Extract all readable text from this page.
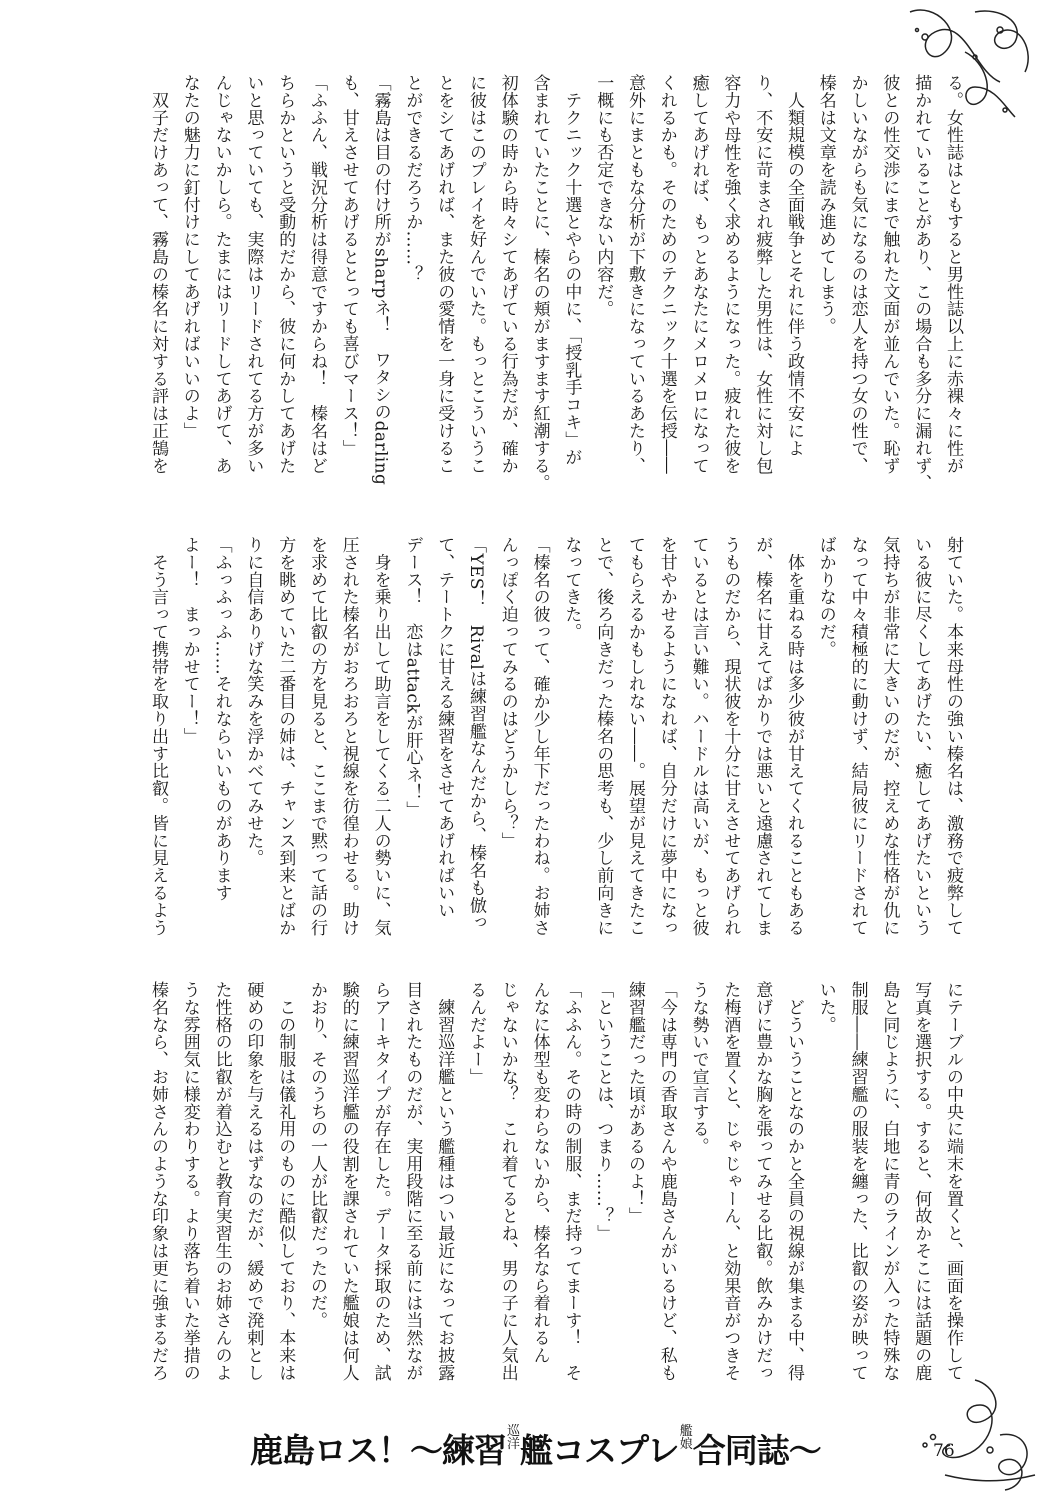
る。女性誌はともすると男性誌以上に赤裸々に性が
描かれていることがあり、この場合も多分に漏れず、
彼との性交渉にまで触れた文面が並んでいた。恥ず
かしいながらも気になるのは恋人を持つ女の性で、
榛名は文章を読み進めてしまう。
　人類規模の全面戦争とそれに伴う政情不安によ
り、不安に苛まされ疲弊した男性は、女性に対し包
容力や母性を強く求めるようになった。疲れた彼を
癒してあげれば、もっとあなたにメロメロになって
くれるかも。そのためのテクニック十選を伝授――
意外にまともな分析が下敷きになっているあたり、
一概にも否定できない内容だ。
　テクニック十選とやらの中に、「授乳手コキ」が
含まれていたことに、榛名の頬がますます紅潮する。
初体験の時から時々シてあげている行為だが、確か
に彼はこのプレイを好んでいた。もっとこういうこ
とをシてあげれば、また彼の愛情を一身に受けるこ
とができるだろうか……？
「霧島は目の付け所がsharpネ！　ワタシのdarling
も、甘えさせてあげるととっても喜びマース！」
「ふふん、戦況分析は得意ですからね！　榛名はど
ちらかというと受動的だから、彼に何かしてあげた
いと思っていても、実際はリードされてる方が多い
んじゃないかしら。たまにはリードしてあげて、あ
なたの魅力に釘付けにしてあげればいいのよ」
　双子だけあって、霧島の榛名に対する評は正鵠を
射ていた。本来母性の強い榛名は、激務で疲弊して
いる彼に尽くしてあげたい、癒してあげたいという
気持ちが非常に大きいのだが、控えめな性格が仇に
なって中々積極的に動けず、結局彼にリードされて
ばかりなのだ。
　体を重ねる時は多少彼が甘えてくれることもある
が、榛名に甘えてばかりでは悪いと遠慮されてしま
うものだから、現状彼を十分に甘えさせてあげられ
ているとは言い難い。ハードルは高いが、もっと彼
を甘やかせるようになれば、自分だけに夢中になっ
てもらえるかもしれない――。展望が見えてきたこ
とで、後ろ向きだった榛名の思考も、少し前向きに
なってきた。
「榛名の彼って、確か少し年下だったわね。お姉さ
んっぽく迫ってみるのはどうかしら？」
「YES！　Rivalは練習艦なんだから、榛名も倣っ
て、テートクに甘える練習をさせてあげればいい
デース！　恋はattackが肝心ネ！」
　身を乗り出して助言をしてくる二人の勢いに、気
圧された榛名がおろおろと視線を彷徨わせる。助け
を求めて比叡の方を見ると、ここまで黙って話の行
方を眺めていた二番目の姉は、チャンス到来とばか
りに自信ありげな笑みを浮かべてみせた。
「ふっふっふ……それならいいものがあります
よー！　まっかせてー！」
　そう言って携帯を取り出す比叡。皆に見えるよう
にテーブルの中央に端末を置くと、画面を操作して
写真を選択する。すると、何故かそこには話題の鹿
島と同じように、白地に青のラインが入った特殊な
制服――練習艦の服装を纏った、比叡の姿が映って
いた。
　どういうことなのかと全員の視線が集まる中、得
意げに豊かな胸を張ってみせる比叡。飲みかけだっ
た梅酒を置くと、じゃじゃーん、と効果音がつきそ
うな勢いで宣言する。
「今は専門の香取さんや鹿島さんがいるけど、私も
練習艦だった頃があるのよ！」
「ということは、つまり……？」
「ふふん。その時の制服、まだ持ってまーす！　そ
んなに体型も変わらないから、榛名なら着れるん
じゃないかな？　これ着てるとね、男の子に人気出
るんだよー」
　練習巡洋艦という艦種はつい最近になってお披露
目されたものだが、実用段階に至る前には当然なが
らアーキタイプが存在した。データ採取のため、試
験的に練習巡洋艦の役割を課されていた艦娘は何人
かおり、そのうちの一人が比叡だったのだ。
　この制服は儀礼用のものに酷似しており、本来は
硬めの印象を与えるはずなのだが、緩めで溌剌とし
た性格の比叡が着込むと教育実習生のお姉さんのよ
うな雰囲気に様変わりする。より落ち着いた挙措の
榛名なら、お姉さんのような印象は更に強まるだろ
鹿島ロス！〜練習 巡
洋 艦コスプレ 艦
娘 合同誌〜	76
